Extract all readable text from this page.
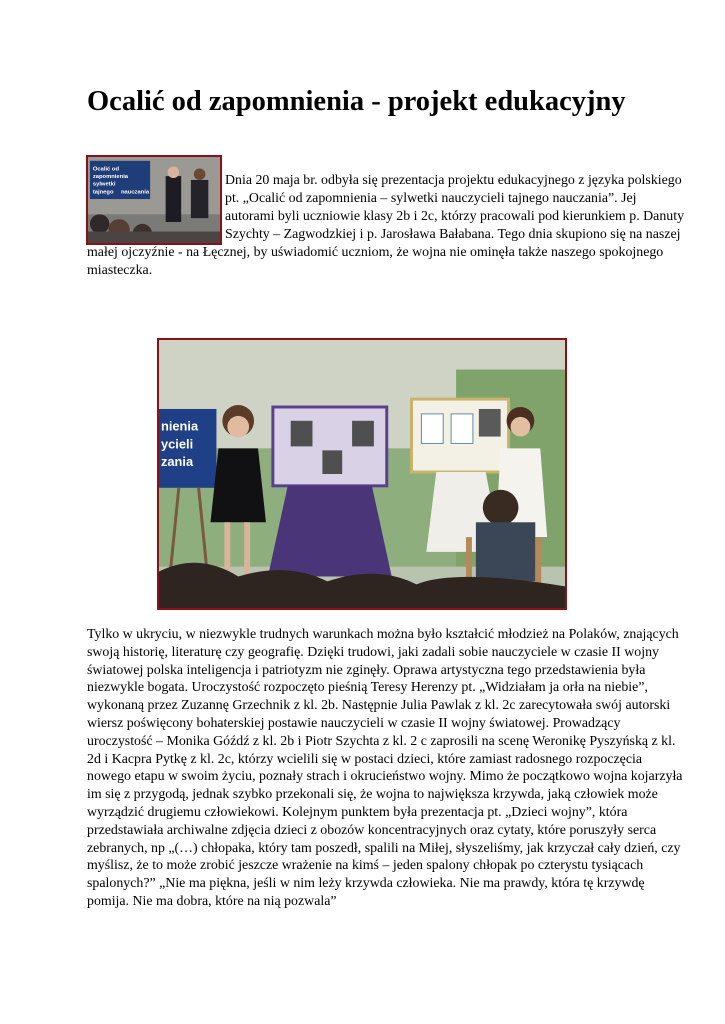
Ocalić od zapomnienia - projekt edukacyjny
Ocalić od
zapomnienia
sylwetki
tajnego nauczania
nienia
ycieli
zania

Dnia 20 maja br. odbyła się prezentacja projektu edukacyjnego z języka polskiego pt. „Ocalić od zapomnienia – sylwetki nauczycieli tajnego nauczania”. Jej autorami byli uczniowie klasy 2b i 2c, którzy pracowali pod kierunkiem p. Danuty Szychty – Zagwodzkiej i p. Jarosława Bałabana. Tego dnia skupiono się na naszej małej ojczyźnie - na Łęcznej, by uświadomić uczniom, że wojna nie ominęła także naszego spokojnego miasteczka.

Tylko w ukryciu, w niezwykle trudnych warunkach można było kształcić młodzież na Polaków, znających swoją historię, literaturę czy geografię. Dzięki trudowi, jaki zadali sobie nauczyciele w czasie II wojny światowej polska inteligencja i patriotyzm nie zginęły. Oprawa artystyczna tego przedstawienia była niezwykle bogata. Uroczystość rozpoczęto pieśnią Teresy Herenzy pt. „Widziałam ja orła na niebie”, wykonaną przez Zuzannę Grzechnik z kl. 2b. Następnie Julia Pawlak z kl. 2c zarecytowała swój autorski wiersz poświęcony bohaterskiej postawie nauczycieli w czasie II wojny światowej. Prowadzący uroczystość – Monika Góźdź z kl. 2b i Piotr Szychta z kl. 2 c zaprosili na scenę Weronikę Pyszyńską z kl. 2d i Kacpra Pytkę z kl. 2c, którzy wcielili się w postaci dzieci, które zamiast radosnego rozpoczęcia nowego etapu w swoim życiu, poznały strach i okrucieństwo wojny. Mimo że początkowo wojna kojarzyła im się z przygodą, jednak szybko przekonali się, że wojna to największa krzywda, jaką człowiek może wyrządzić drugiemu człowiekowi. Kolejnym punktem była prezentacja pt. „Dzieci wojny”, która przedstawiała archiwalne zdjęcia dzieci z obozów koncentracyjnych oraz cytaty, które poruszyły serca zebranych, np „(…) chłopaka, który tam poszedł, spalili na Miłej, słyszeliśmy, jak krzyczał cały dzień, czy myślisz, że to może zrobić jeszcze wrażenie na kimś – jeden spalony chłopak po czterystu tysiącach spalonych?” „Nie ma piękna, jeśli w nim leży krzywda człowieka. Nie ma prawdy, która tę krzywdę pomija. Nie ma dobra, które na nią pozwala”
